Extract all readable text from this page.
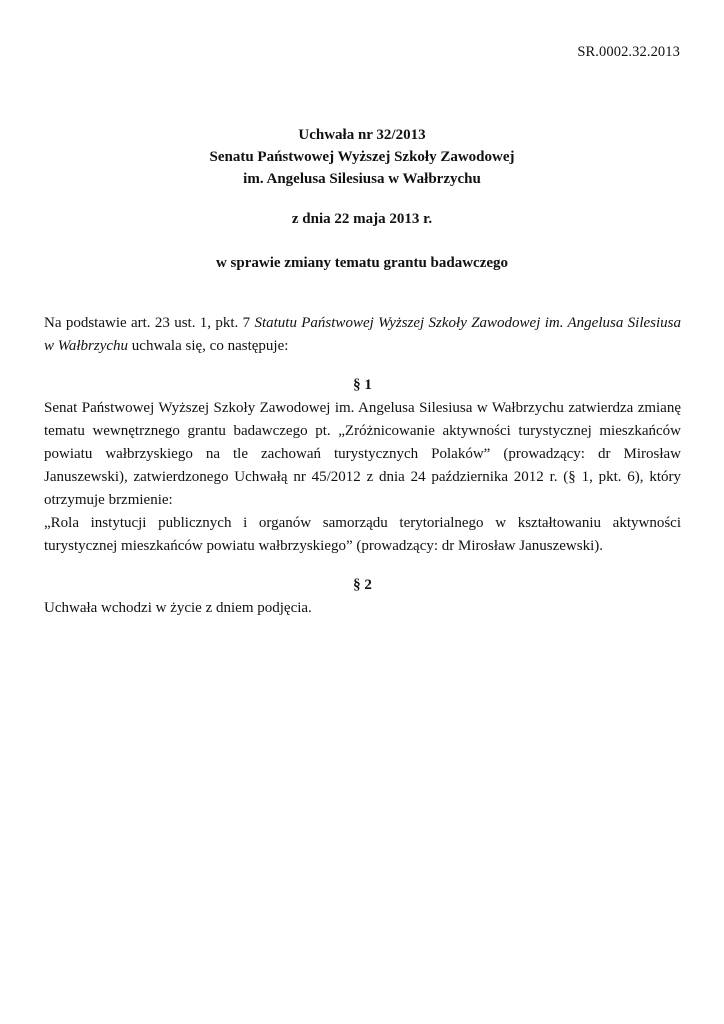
SR.0002.32.2013
Uchwała nr 32/2013
Senatu Państwowej Wyższej Szkoły Zawodowej
im. Angelusa Silesiusa w Wałbrzychu
z dnia 22 maja 2013 r.
w sprawie zmiany tematu grantu badawczego

Na podstawie art. 23 ust. 1, pkt. 7 Statutu Państwowej Wyższej Szkoły Zawodowej im. Angelusa Silesiusa w Wałbrzychu uchwala się, co następuje:

§ 1

Senat Państwowej Wyższej Szkoły Zawodowej im. Angelusa Silesiusa w Wałbrzychu zatwierdza zmianę tematu wewnętrznego grantu badawczego pt. „Zróżnicowanie aktywności turystycznej mieszkańców powiatu wałbrzyskiego na tle zachowań turystycznych Polaków” (prowadzący: dr Mirosław Januszewski), zatwierdzonego Uchwałą nr 45/2012 z dnia 24 października 2012 r. (§ 1, pkt. 6), który otrzymuje brzmienie:

„Rola instytucji publicznych i organów samorządu terytorialnego w kształtowaniu aktywności turystycznej mieszkańców powiatu wałbrzyskiego” (prowadzący: dr Mirosław Januszewski).

§ 2

Uchwała wchodzi w życie z dniem podjęcia.
